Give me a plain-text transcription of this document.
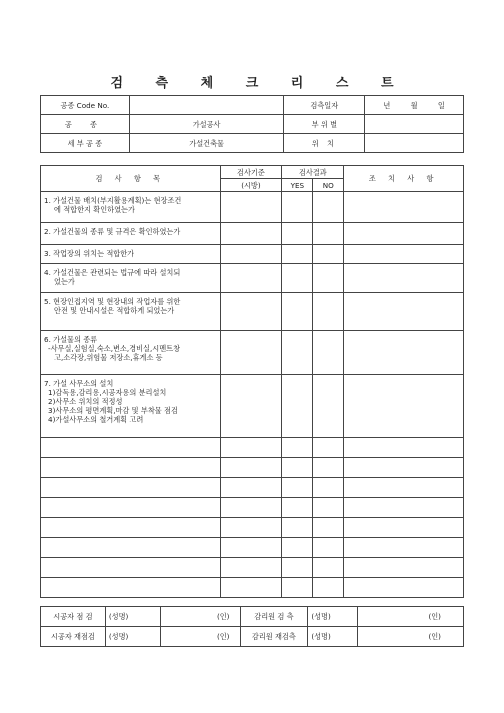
검 측 체 크 리 스 트
공종 Code No.		검측일자	년 월 일
공 종	가설공사	부 위 별	
세 부 공 종	가설건축물	위 치	
검 사 항 목	검사기준	검사결과		조 치 사 항
	(시방)	YES	NO	

1. 가설건물 배치(부지활용계획)는 현장조건
에 적합한지 확인하였는가				

2. 가설건물의 종류 및 규격은 확인하였는가				

3. 작업장의 위치는 적합한가				

4. 가설건물은 관련되는 법규에 따라 설치되
었는가				

5. 현장인접지역 및 현장내의 작업자를 위한
안전 및 안내시설은 적합하게 되었는가				

6. 가설물의 종류
-사무실,실험실,숙소,변소,경비실,시멘트창
고,소각장,위험물 저장소,휴게소 등				

7. 가설 사무소의 설치
1)감독용,감리용,시공자용의 분리설치
2)사무소 위치의 적정성
3)사무소의 평면계획,마감 및 부착물 점검
4)가설사무소의 철거계획 고려				

시공자 점 검	(성명)	(인)	감리원 검 측	(성명)	(인)
시공자 재점검	(성명)	(인)	감리원 재검측	(성명)	(인)
